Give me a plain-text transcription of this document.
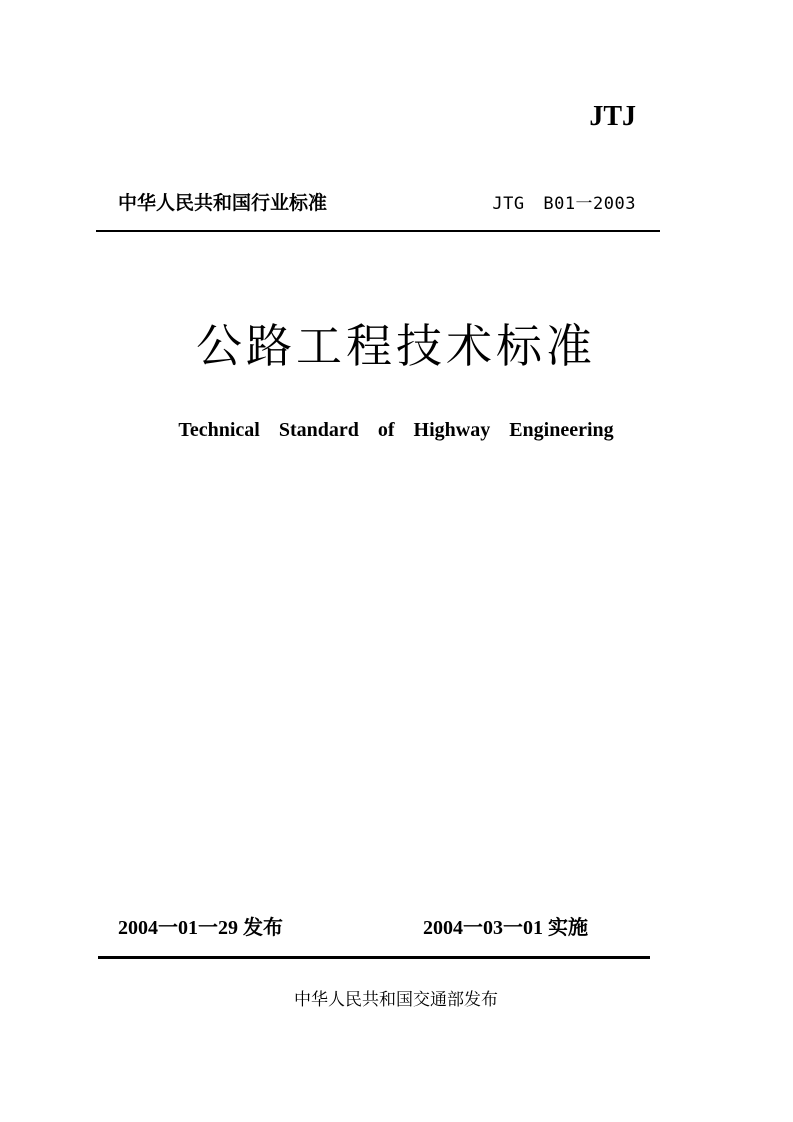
JTJ
中华人民共和国行业标准	JTG B01一2003
公路工程技术标准
Technical Standard of Highway Engineering
2004一01一29 发布	2004一03一01 实施
中华人民共和国交通部发布
